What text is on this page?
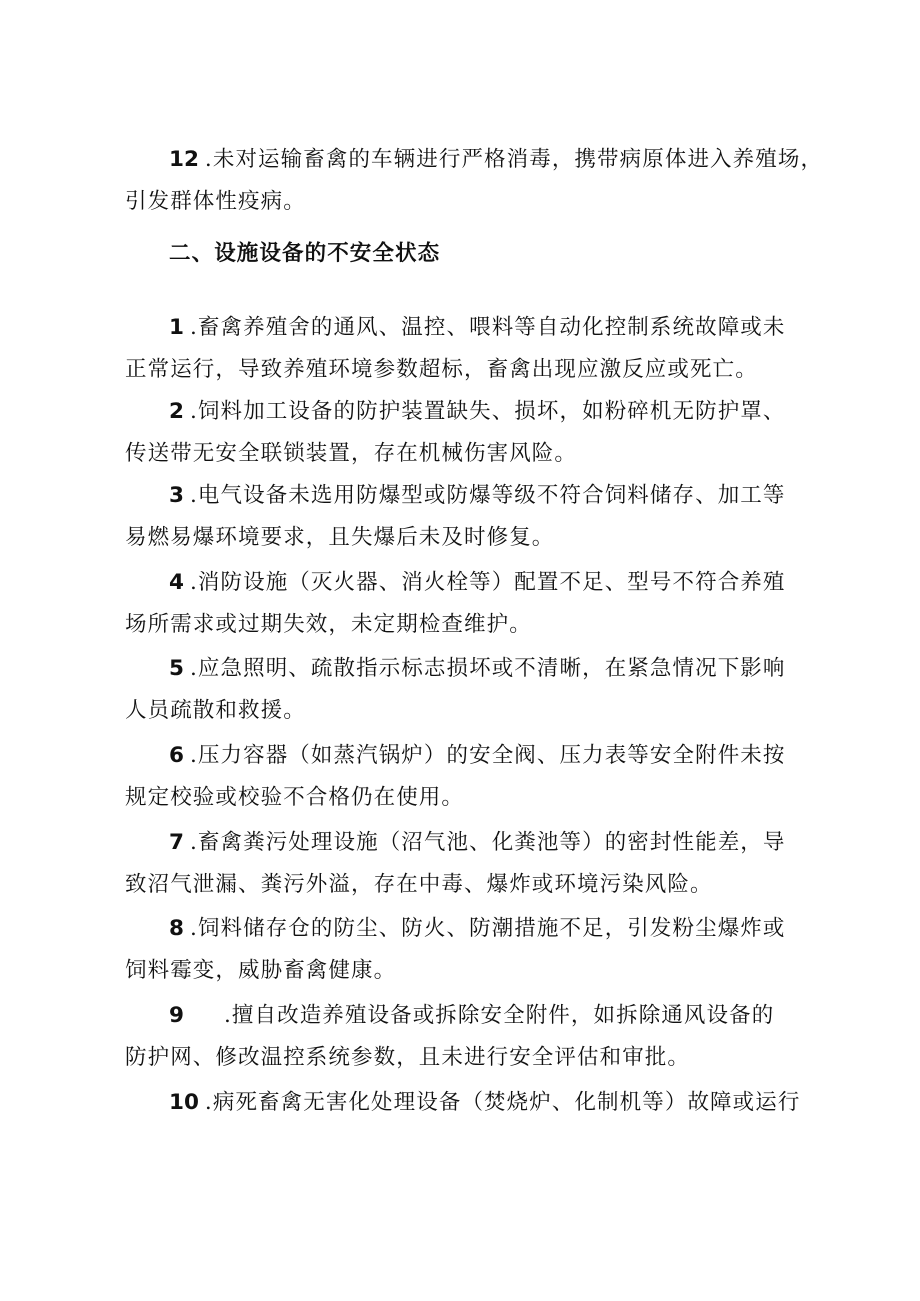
12 .未对运输畜禽的车辆进行严格消毒，携带病原体进入养殖场，
引发群体性疫病。
二、设施设备的不安全状态
1 .畜禽养殖舍的通风、温控、喂料等自动化控制系统故障或未
正常运行，导致养殖环境参数超标，畜禽出现应激反应或死亡。
2 .饲料加工设备的防护装置缺失、损坏，如粉碎机无防护罩、
传送带无安全联锁装置，存在机械伤害风险。
3 .电气设备未选用防爆型或防爆等级不符合饲料储存、加工等
易燃易爆环境要求，且失爆后未及时修复。
4 .消防设施（灭火器、消火栓等）配置不足、型号不符合养殖
场所需求或过期失效，未定期检查维护。
5 .应急照明、疏散指示标志损坏或不清晰，在紧急情况下影响
人员疏散和救援。
6 .压力容器（如蒸汽锅炉）的安全阀、压力表等安全附件未按
规定校验或校验不合格仍在使用。
7 .畜禽粪污处理设施（沼气池、化粪池等）的密封性能差，导
致沼气泄漏、粪污外溢，存在中毒、爆炸或环境污染风险。
8 .饲料储存仓的防尘、防火、防潮措施不足，引发粉尘爆炸或
饲料霉变，威胁畜禽健康。
9 .擅自改造养殖设备或拆除安全附件，如拆除通风设备的
防护网、修改温控系统参数，且未进行安全评估和审批。
10 .病死畜禽无害化处理设备（焚烧炉、化制机等）故障或运行
